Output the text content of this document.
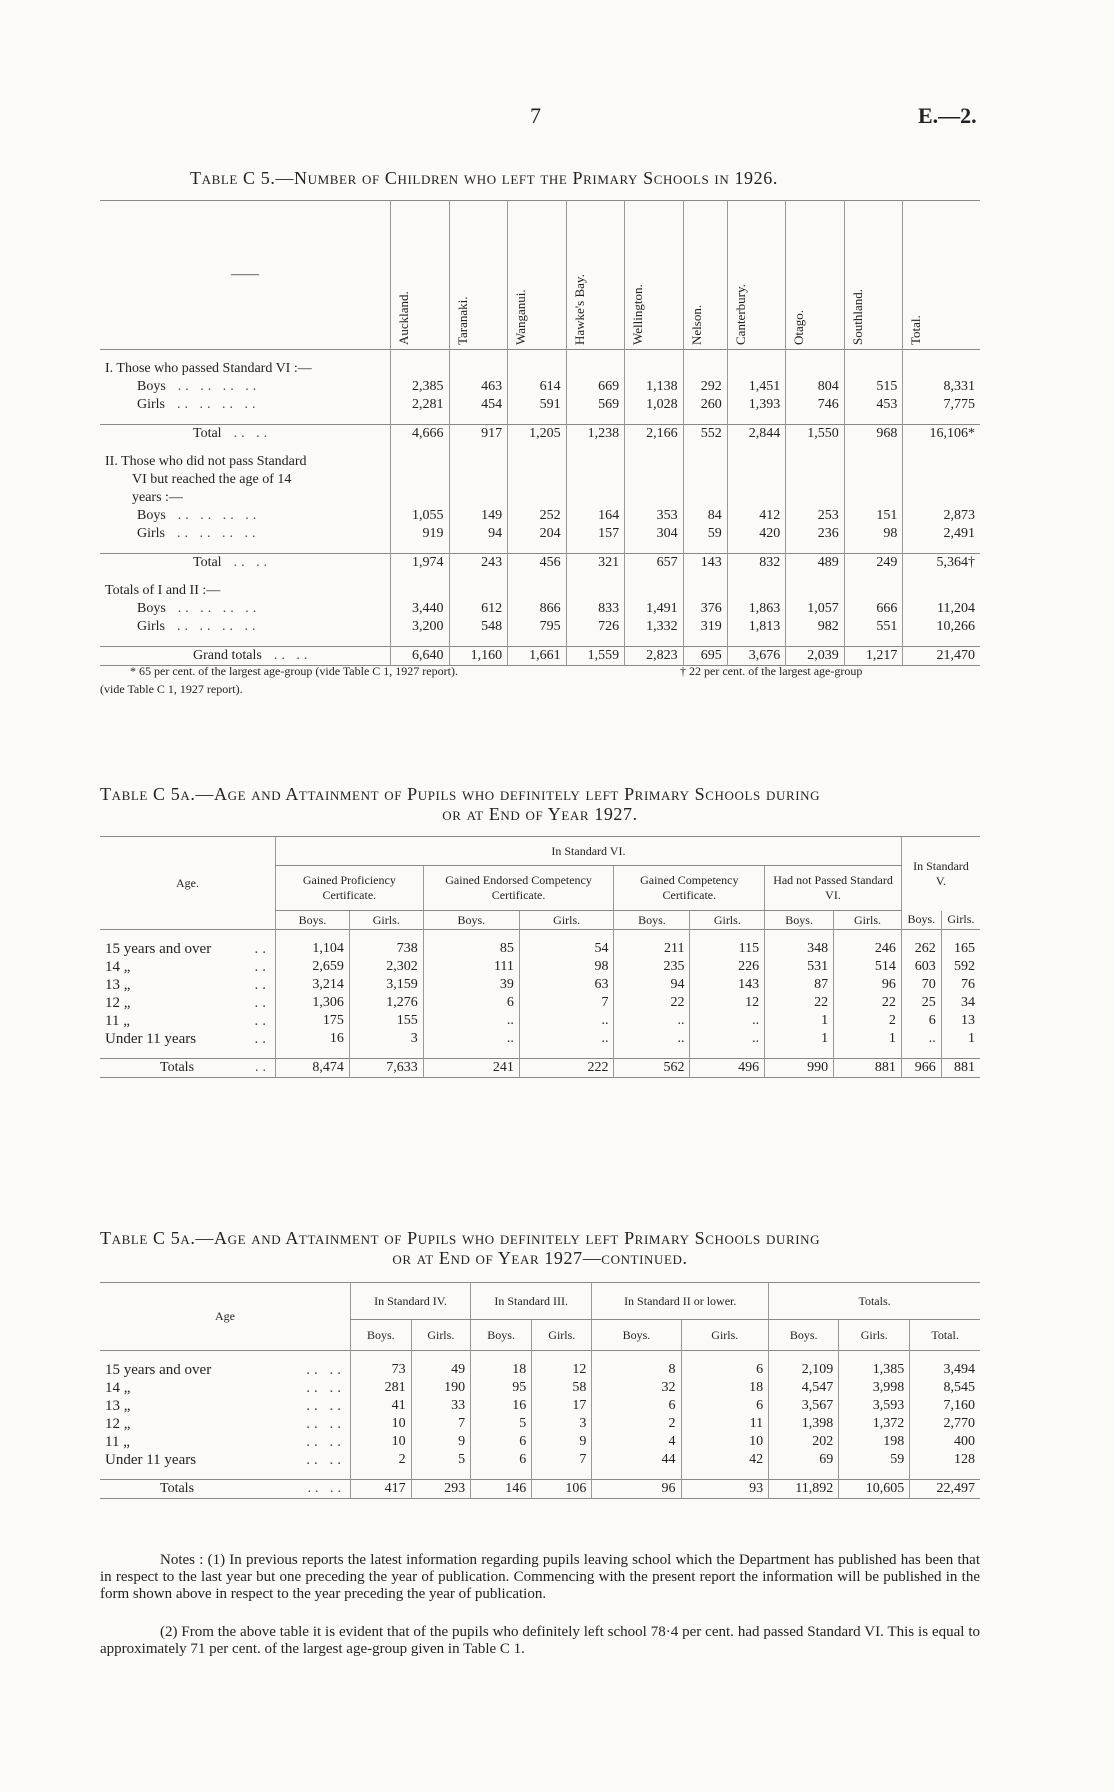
7	E.—2.
Table C 5.—Number of Children who left the Primary Schools in 1926.
——	Auckland.	Taranaki.	Wanganui.	Hawke's Bay.	Wellington.	Nelson.	Canterbury.	Otago.	Southland.	Total.

I. Those who passed Standard VI :—										
Boys .. .. .. ..	2,385	463	614	669	1,138	292	1,451	804	515	8,331
Girls .. .. .. ..	2,281	454	591	569	1,028	260	1,393	746	453	7,775

Total .. ..	4,666	917	1,205	1,238	2,166	552	2,844	1,550	968	16,106*

II. Those who did not pass Standard										
VI but reached the age of 14										
years :—										
Boys .. .. .. ..	1,055	149	252	164	353	84	412	253	151	2,873
Girls .. .. .. ..	919	94	204	157	304	59	420	236	98	2,491

Total .. ..	1,974	243	456	321	657	143	832	489	249	5,364†

Totals of I and II :—										
Boys .. .. .. ..	3,440	612	866	833	1,491	376	1,863	1,057	666	11,204
Girls .. .. .. ..	3,200	548	795	726	1,332	319	1,813	982	551	10,266

Grand totals .. ..	6,640	1,160	1,661	1,559	2,823	695	3,676	2,039	1,217	21,470
* 65 per cent. of the largest age-group (vide Table C 1, 1927 report).	† 22 per cent. of the largest age-group
(vide Table C 1, 1927 report).
Table C 5a.—Age and Attainment of Pupils who definitely left Primary Schools during
or at End of Year 1927.
Age.	In Standard VI.								In Standard V.	
	Gained Proficiency Certificate.		Gained Endorsed Competency Certificate.		Gained Competency Certificate.		Had not Passed Standard VI.			
	Boys.	Girls.	Boys.	Girls.	Boys.	Girls.	Boys.	Girls.	Boys.	Girls.

15 years and over ..	1,104	738	85	54	211	115	348	246	262	165
14 „ ..	2,659	2,302	111	98	235	226	531	514	603	592
13 „ ..	3,214	3,159	39	63	94	143	87	96	70	76
12 „ ..	1,306	1,276	6	7	22	12	22	22	25	34
11 „ ..	175	155	..	..	..	..	1	2	6	13
Under 11 years ..	16	3	..	..	..	..	1	1	..	1

Totals ..	8,474	7,633	241	222	562	496	990	881	966	881
Table C 5a.—Age and Attainment of Pupils who definitely left Primary Schools during
or at End of Year 1927—continued.
Age	In Standard IV.		In Standard III.		In Standard II or lower.		Totals.		
	Boys.	Girls.	Boys.	Girls.	Boys.	Girls.	Boys.	Girls.	Total.

15 years and over .. ..	73	49	18	12	8	6	2,109	1,385	3,494
14 „ .. ..	281	190	95	58	32	18	4,547	3,998	8,545
13 „ .. ..	41	33	16	17	6	6	3,567	3,593	7,160
12 „ .. ..	10	7	5	3	2	11	1,398	1,372	2,770
11 „ .. ..	10	9	6	9	4	10	202	198	400
Under 11 years .. ..	2	5	6	7	44	42	69	59	128

Totals .. ..	417	293	146	106	96	93	11,892	10,605	22,497
Notes : (1) In previous reports the latest information regarding pupils leaving school which the Department has published has been that in respect to the last year but one preceding the year of publication. Commencing with the present report the information will be published in the form shown above in respect to the year preceding the year of publication.
(2) From the above table it is evident that of the pupils who definitely left school 78·4 per cent. had passed Standard VI. This is equal to approximately 71 per cent. of the largest age-group given in Table C 1.
